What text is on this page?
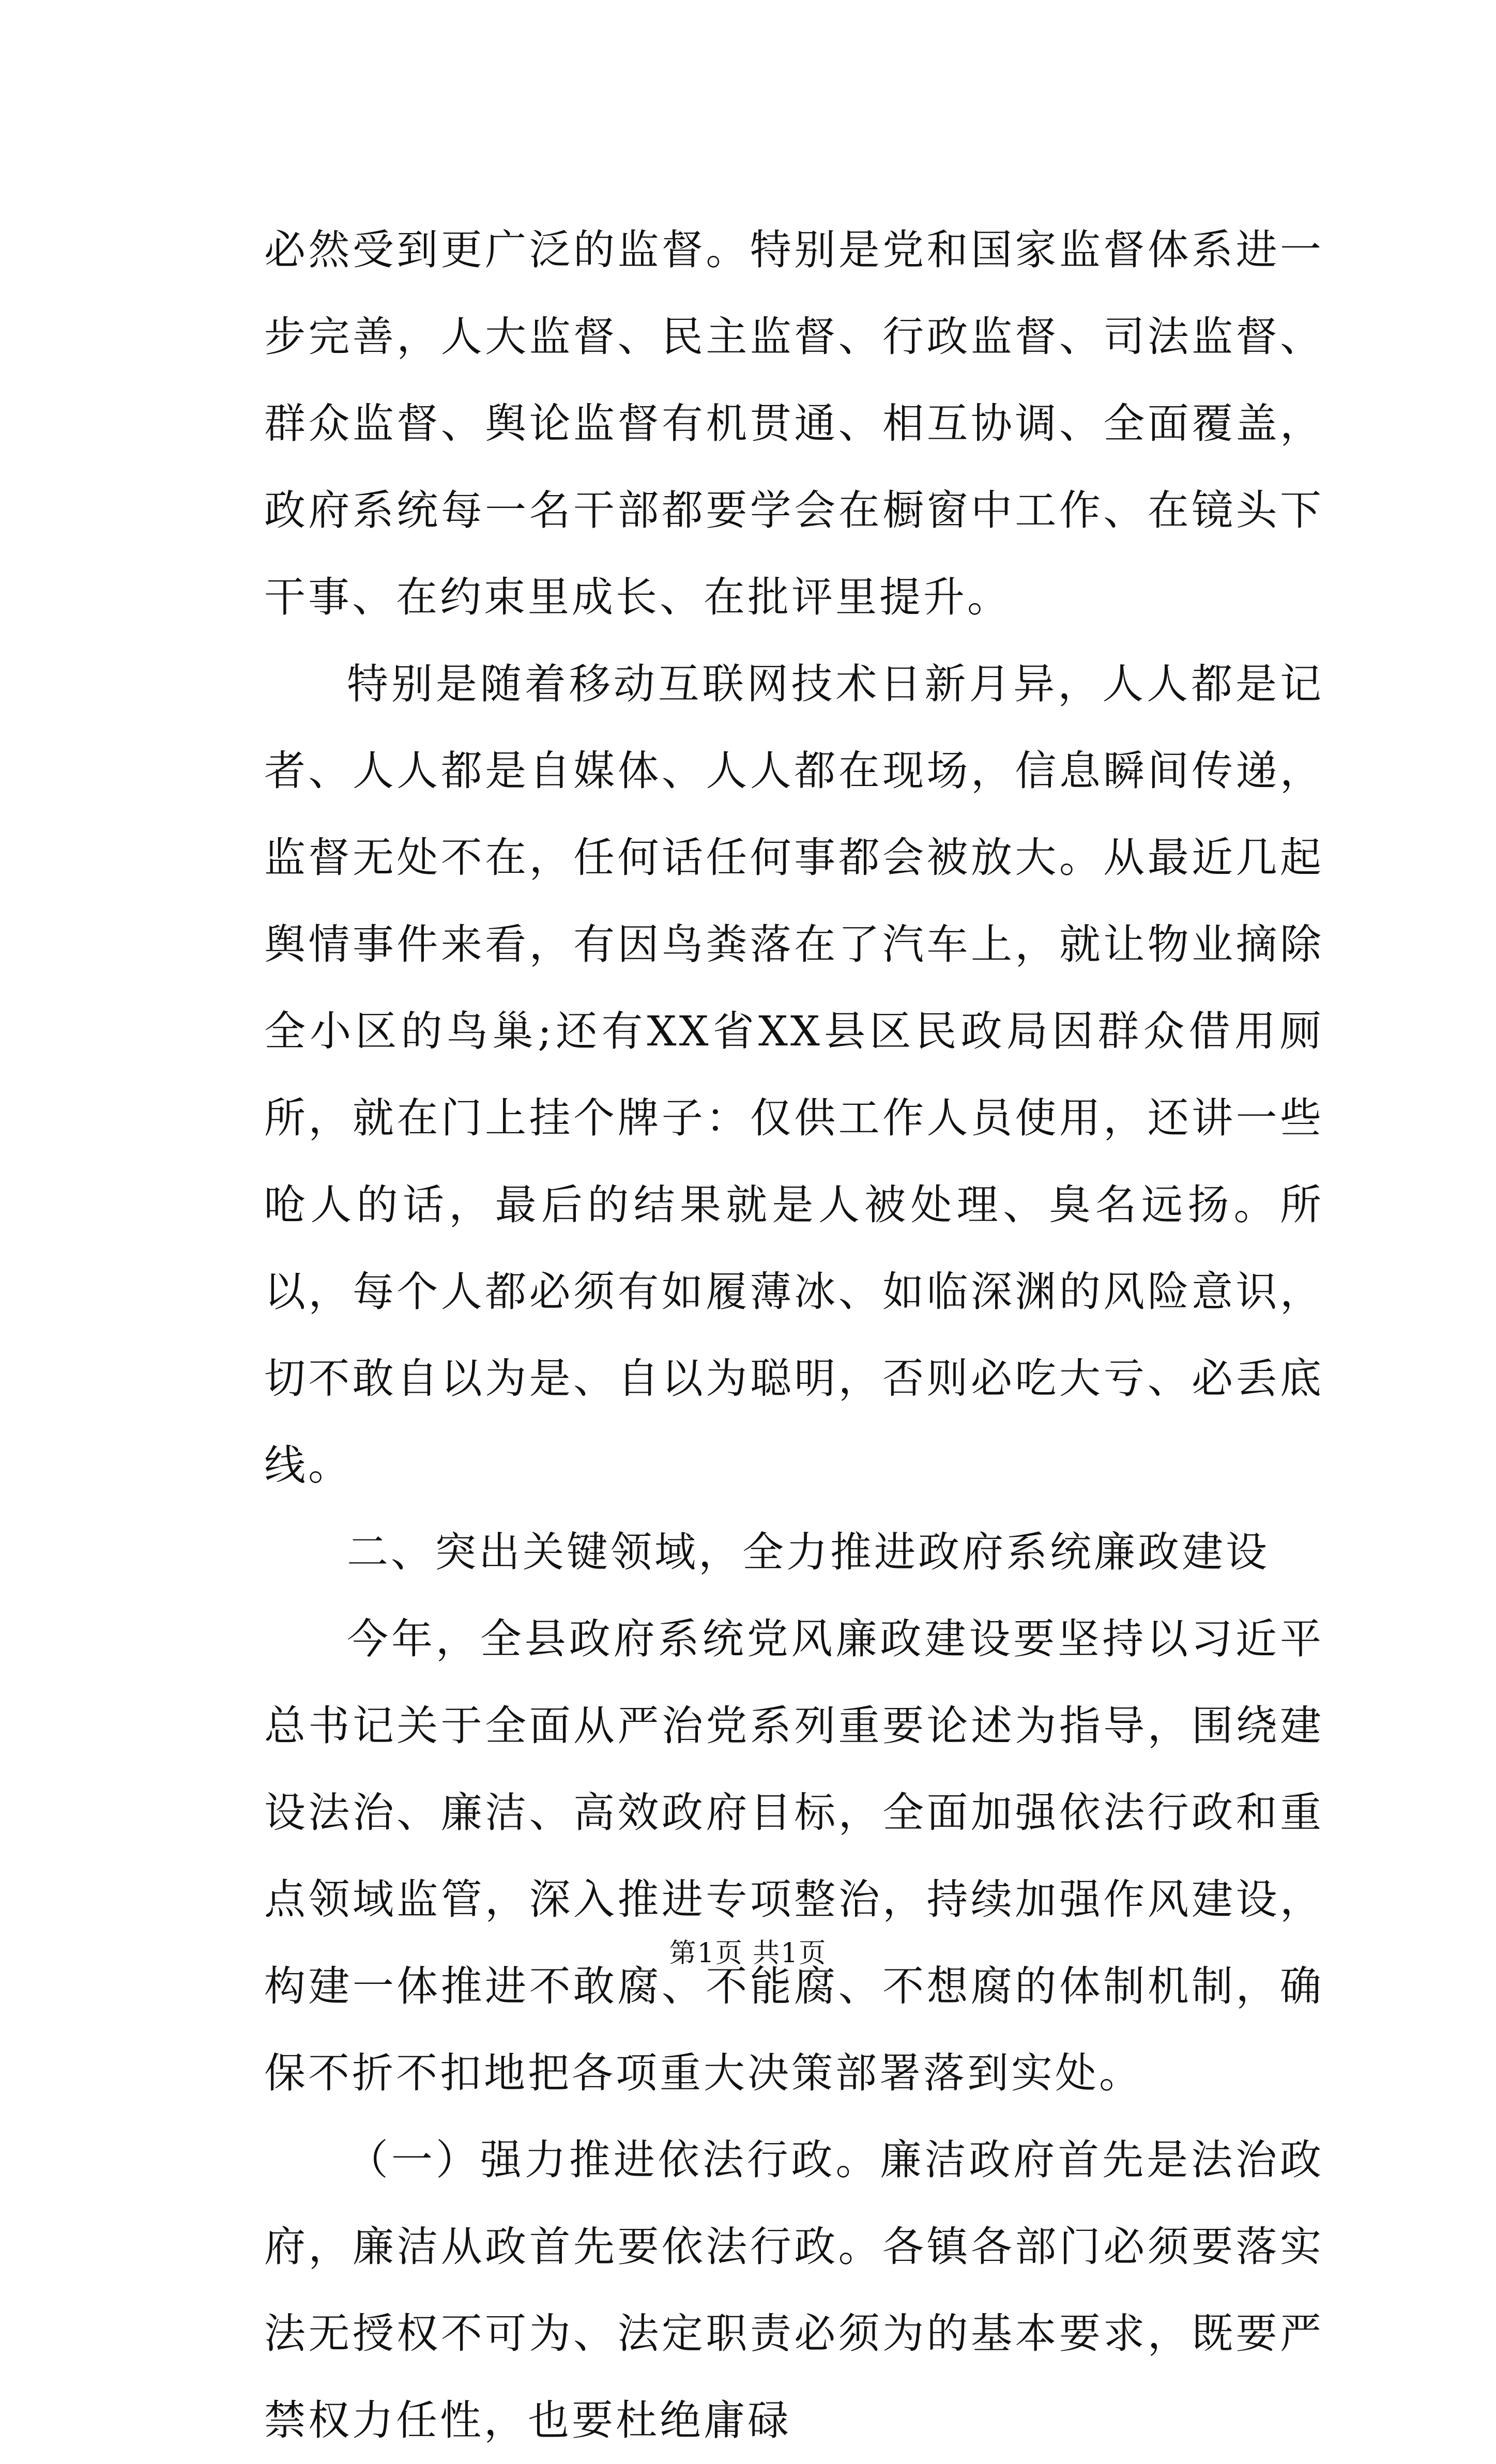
必然受到更广泛的监督。特别是党和国家监督体系进一步完善，人大监督、民主监督、行政监督、司法监督、群众监督、舆论监督有机贯通、相互协调、全面覆盖，政府系统每一名干部都要学会在橱窗中工作、在镜头下干事、在约束里成长、在批评里提升。

特别是随着移动互联网技术日新月异，人人都是记者、人人都是自媒体、人人都在现场，信息瞬间传递，监督无处不在，任何话任何事都会被放大。从最近几起舆情事件来看，有因鸟粪落在了汽车上，就让物业摘除全小区的鸟巢;还有XX省XX县区民政局因群众借用厕所，就在门上挂个牌子：仅供工作人员使用，还讲一些呛人的话，最后的结果就是人被处理、臭名远扬。所以，每个人都必须有如履薄冰、如临深渊的风险意识，切不敢自以为是、自以为聪明，否则必吃大亏、必丢底线。

二、突出关键领域，全力推进政府系统廉政建设

今年，全县政府系统党风廉政建设要坚持以习近平总书记关于全面从严治党系列重要论述为指导，围绕建设法治、廉洁、高效政府目标，全面加强依法行政和重点领域监管，深入推进专项整治，持续加强作风建设，构建一体推进不敢腐、不能腐、不想腐的体制机制，确保不折不扣地把各项重大决策部署落到实处。

（一）强力推进依法行政。廉洁政府首先是法治政府，廉洁从政首先要依法行政。各镇各部门必须要落实法无授权不可为、法定职责必须为的基本要求，既要严禁权力任性，也要杜绝庸碌

第1页 共1页
